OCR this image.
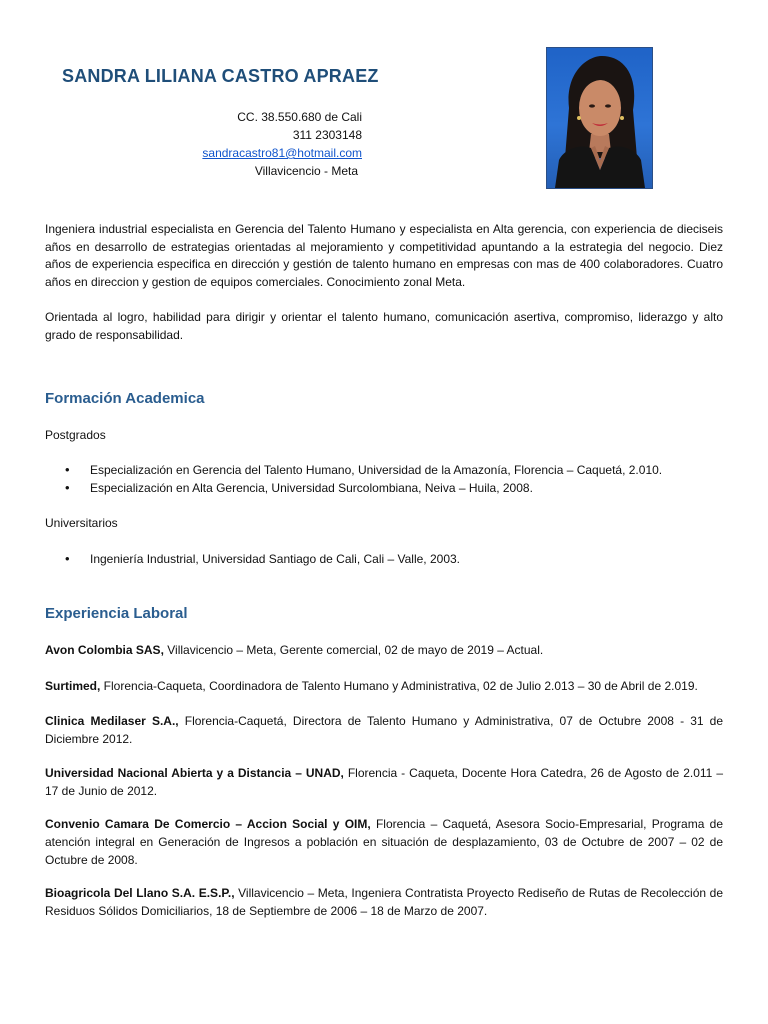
SANDRA LILIANA CASTRO APRAEZ
CC. 38.550.680 de Cali
311 2303148
sandracastro81@hotmail.com
Villavicencio - Meta
Ingeniera industrial especialista en Gerencia del Talento Humano y especialista en Alta gerencia, con experiencia de dieciseis años en desarrollo de estrategias orientadas al mejoramiento y competitividad apuntando a la estrategia del negocio. Diez años de experiencia especifica en dirección y gestión de talento humano en empresas con mas de 400 colaboradores. Cuatro años en direccion y gestion de equipos comerciales. Conocimiento zonal Meta.
Orientada al logro, habilidad para dirigir y orientar el talento humano, comunicación asertiva, compromiso, liderazgo y alto grado de responsabilidad.
Formación Academica
Postgrados
• Especialización en Gerencia del Talento Humano, Universidad de la Amazonía, Florencia – Caquetá, 2.010.
• Especialización en Alta Gerencia, Universidad Surcolombiana, Neiva – Huila, 2008.
Universitarios
• Ingeniería Industrial, Universidad Santiago de Cali, Cali – Valle, 2003.
Experiencia Laboral
Avon Colombia SAS, Villavicencio – Meta, Gerente comercial, 02 de mayo de 2019 – Actual.
Surtimed, Florencia-Caqueta, Coordinadora de Talento Humano y Administrativa, 02 de Julio 2.013 – 30 de Abril de 2.019.
Clinica Medilaser S.A., Florencia-Caquetá, Directora de Talento Humano y Administrativa, 07 de Octubre 2008 - 31 de Diciembre 2012.
Universidad Nacional Abierta y a Distancia – UNAD, Florencia - Caqueta, Docente Hora Catedra, 26 de Agosto de 2.011 – 17 de Junio de 2012.
Convenio Camara De Comercio – Accion Social y OIM, Florencia – Caquetá, Asesora Socio-Empresarial, Programa de atención integral en Generación de Ingresos a población en situación de desplazamiento, 03 de Octubre de 2007 – 02 de Octubre de 2008.
Bioagricola Del Llano S.A. E.S.P., Villavicencio – Meta, Ingeniera Contratista Proyecto Rediseño de Rutas de Recolección de Residuos Sólidos Domiciliarios, 18 de Septiembre de 2006 – 18 de Marzo de 2007.
